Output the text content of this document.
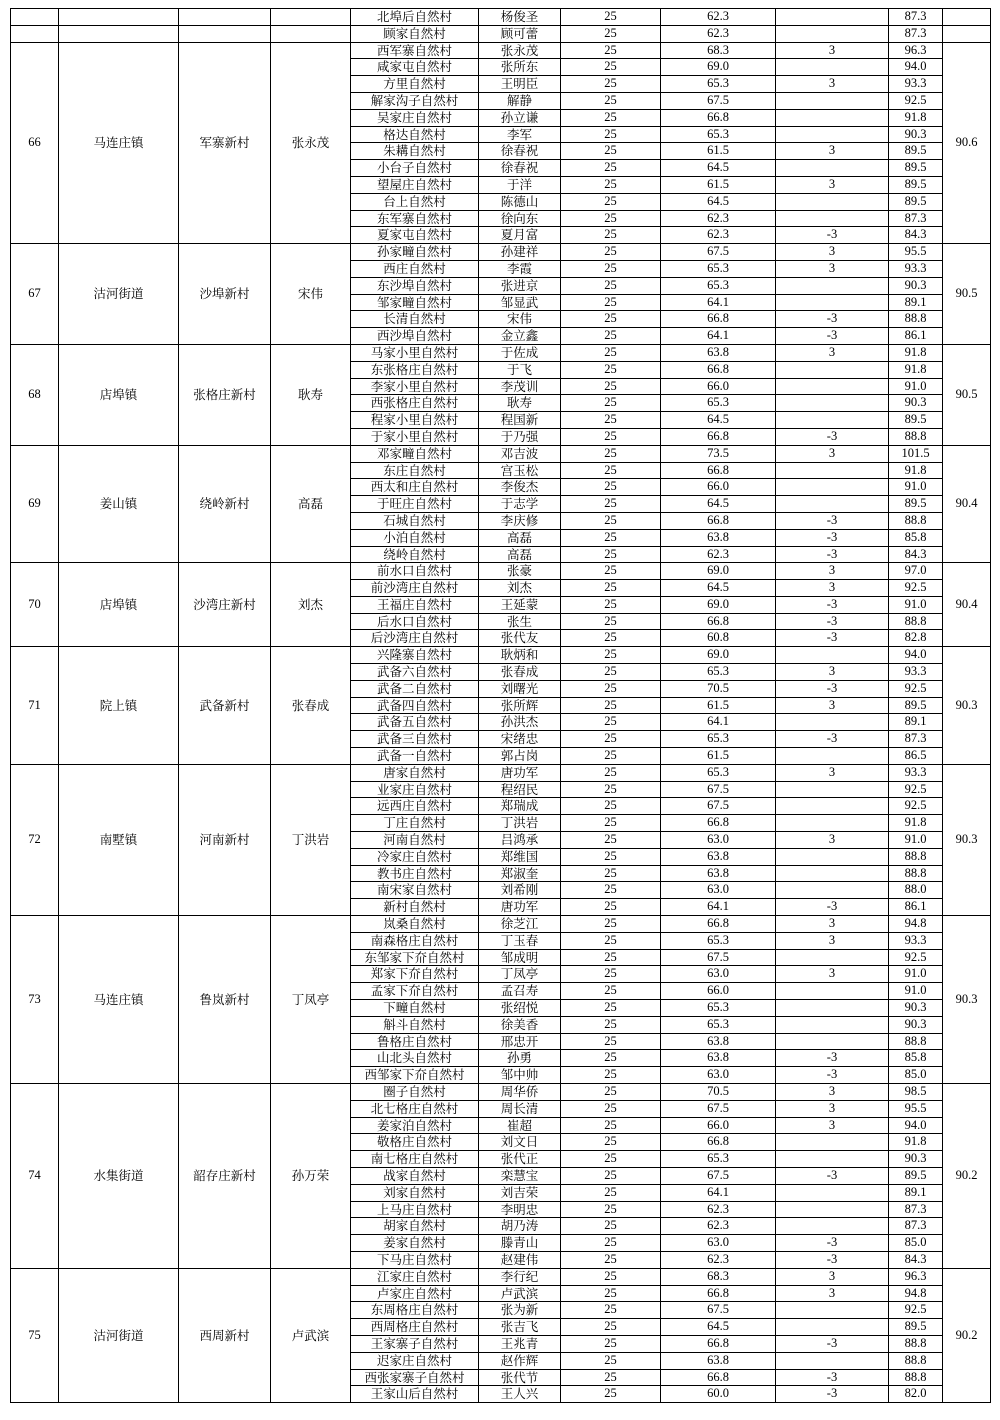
				北埠后自然村	杨俊圣	25	62.3		87.3	
				顾家自然村	顾可蕾	25	62.3		87.3	
66	马连庄镇	军寨新村	张永茂	西军寨自然村	张永茂	25	68.3	3	96.3	90.6
				咸家屯自然村	张所东	25	69.0		94.0	
				方里自然村	王明臣	25	65.3	3	93.3	
				解家沟子自然村	解静	25	67.5		92.5	
				吴家庄自然村	孙立谦	25	66.8		91.8	
				格达自然村	李军	25	65.3		90.3	
				朱耩自然村	徐春祝	25	61.5	3	89.5	
				小台子自然村	徐春祝	25	64.5		89.5	
				望屋庄自然村	于洋	25	61.5	3	89.5	
				台上自然村	陈德山	25	64.5		89.5	
				东军寨自然村	徐向东	25	62.3		87.3	
				夏家屯自然村	夏月富	25	62.3	-3	84.3	
67	沽河街道	沙埠新村	宋伟	孙家疃自然村	孙建祥	25	67.5	3	95.5	90.5
				西庄自然村	李霞	25	65.3	3	93.3	
				东沙埠自然村	张进京	25	65.3		90.3	
				邹家疃自然村	邹显武	25	64.1		89.1	
				长清自然村	宋伟	25	66.8	-3	88.8	
				西沙埠自然村	金立鑫	25	64.1	-3	86.1	
68	店埠镇	张格庄新村	耿寿	马家小里自然村	于佐成	25	63.8	3	91.8	90.5
				东张格庄自然村	于飞	25	66.8		91.8	
				李家小里自然村	李茂训	25	66.0		91.0	
				西张格庄自然村	耿寿	25	65.3		90.3	
				程家小里自然村	程国新	25	64.5		89.5	
				于家小里自然村	于乃强	25	66.8	-3	88.8	
69	姜山镇	绕岭新村	高磊	邓家疃自然村	邓吉波	25	73.5	3	101.5	90.4
				东庄自然村	宫玉松	25	66.8		91.8	
				西太和庄自然村	李俊杰	25	66.0		91.0	
				于旺庄自然村	于志学	25	64.5		89.5	
				石城自然村	李庆修	25	66.8	-3	88.8	
				小泊自然村	高磊	25	63.8	-3	85.8	
				绕岭自然村	高磊	25	62.3	-3	84.3	
70	店埠镇	沙湾庄新村	刘杰	前水口自然村	张豪	25	69.0	3	97.0	90.4
				前沙湾庄自然村	刘杰	25	64.5	3	92.5	
				王福庄自然村	王延蒙	25	69.0	-3	91.0	
				后水口自然村	张生	25	66.8	-3	88.8	
				后沙湾庄自然村	张代友	25	60.8	-3	82.8	
71	院上镇	武备新村	张春成	兴隆寨自然村	耿炳和	25	69.0		94.0	90.3
				武备六自然村	张春成	25	65.3	3	93.3	
				武备二自然村	刘曙光	25	70.5	-3	92.5	
				武备四自然村	张所辉	25	61.5	3	89.5	
				武备五自然村	孙洪杰	25	64.1		89.1	
				武备三自然村	宋绪忠	25	65.3	-3	87.3	
				武备一自然村	郭占岗	25	61.5		86.5	
72	南墅镇	河南新村	丁洪岩	唐家自然村	唐功军	25	65.3	3	93.3	90.3
				业家庄自然村	程绍民	25	67.5		92.5	
				远西庄自然村	郑瑞成	25	67.5		92.5	
				丁庄自然村	丁洪岩	25	66.8		91.8	
				河南自然村	吕鸿承	25	63.0	3	91.0	
				冷家庄自然村	郑维国	25	63.8		88.8	
				教书庄自然村	郑淑奎	25	63.8		88.8	
				南宋家自然村	刘希刚	25	63.0		88.0	
				新村自然村	唐功军	25	64.1	-3	86.1	
73	马连庄镇	鲁岚新村	丁凤亭	岚桑自然村	徐芝江	25	66.8	3	94.8	90.3
				南森格庄自然村	丁玉春	25	65.3	3	93.3	
				东邹家下夼自然村	邹成明	25	67.5		92.5	
				郑家下夼自然村	丁凤亭	25	63.0	3	91.0	
				孟家下夼自然村	孟召寿	25	66.0		91.0	
				下疃自然村	张绍悦	25	65.3		90.3	
				斛斗自然村	徐美香	25	65.3		90.3	
				鲁格庄自然村	邢忠开	25	63.8		88.8	
				山北头自然村	孙勇	25	63.8	-3	85.8	
				西邹家下夼自然村	邹中帅	25	63.0	-3	85.0	
74	水集街道	韶存庄新村	孙万荣	圈子自然村	周华侨	25	70.5	3	98.5	90.2
				北七格庄自然村	周长清	25	67.5	3	95.5	
				姜家泊自然村	崔超	25	66.0	3	94.0	
				敬格庄自然村	刘文日	25	66.8		91.8	
				南七格庄自然村	张代正	25	65.3		90.3	
				战家自然村	栾慧宝	25	67.5	-3	89.5	
				刘家自然村	刘吉荣	25	64.1		89.1	
				上马庄自然村	李明忠	25	62.3		87.3	
				胡家自然村	胡乃涛	25	62.3		87.3	
				姜家自然村	滕青山	25	63.0	-3	85.0	
				下马庄自然村	赵建伟	25	62.3	-3	84.3	
75	沽河街道	西周新村	卢武滨	江家庄自然村	李行纪	25	68.3	3	96.3	90.2
				卢家庄自然村	卢武滨	25	66.8	3	94.8	
				东周格庄自然村	张为新	25	67.5		92.5	
				西周格庄自然村	张吉飞	25	64.5		89.5	
				王家寨子自然村	王兆青	25	66.8	-3	88.8	
				迟家庄自然村	赵作辉	25	63.8		88.8	
				西张家寨子自然村	张代节	25	66.8	-3	88.8	
				王家山后自然村	王人兴	25	60.0	-3	82.0	
